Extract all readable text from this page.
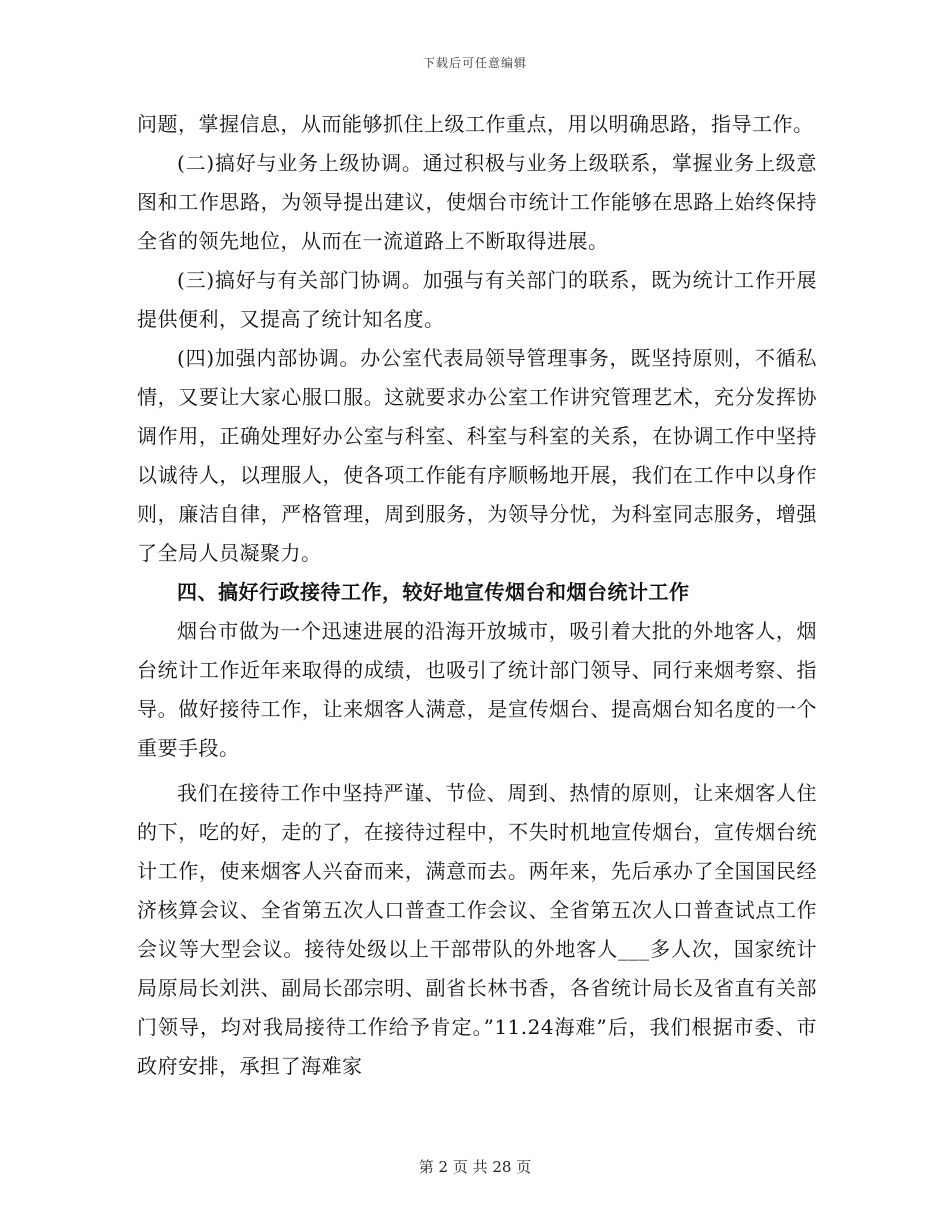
下载后可任意编辑

问题，掌握信息，从而能够抓住上级工作重点，用以明确思路，指导工作。

(二)搞好与业务上级协调。通过积极与业务上级联系，掌握业务上级意图和工作思路，为领导提出建议，使烟台市统计工作能够在思路上始终保持全省的领先地位，从而在一流道路上不断取得进展。

(三)搞好与有关部门协调。加强与有关部门的联系，既为统计工作开展提供便利，又提高了统计知名度。

(四)加强内部协调。办公室代表局领导管理事务，既坚持原则，不循私情，又要让大家心服口服。这就要求办公室工作讲究管理艺术，充分发挥协调作用，正确处理好办公室与科室、科室与科室的关系，在协调工作中坚持以诚待人，以理服人，使各项工作能有序顺畅地开展，我们在工作中以身作则，廉洁自律，严格管理，周到服务，为领导分忧，为科室同志服务，增强了全局人员凝聚力。

四、搞好行政接待工作，较好地宣传烟台和烟台统计工作

烟台市做为一个迅速进展的沿海开放城市，吸引着大批的外地客人，烟台统计工作近年来取得的成绩，也吸引了统计部门领导、同行来烟考察、指导。做好接待工作，让来烟客人满意，是宣传烟台、提高烟台知名度的一个重要手段。

我们在接待工作中坚持严谨、节俭、周到、热情的原则，让来烟客人住的下，吃的好，走的了，在接待过程中，不失时机地宣传烟台，宣传烟台统计工作，使来烟客人兴奋而来，满意而去。两年来，先后承办了全国国民经济核算会议、全省第五次人口普查工作会议、全省第五次人口普查试点工作会议等大型会议。接待处级以上干部带队的外地客人___多人次，国家统计局原局长刘洪、副局长邵宗明、副省长林书香，各省统计局长及省直有关部门领导，均对我局接待工作给予肯定。”11.24海难”后，我们根据市委、市政府安排，承担了海难家

第 2 页 共 28 页
